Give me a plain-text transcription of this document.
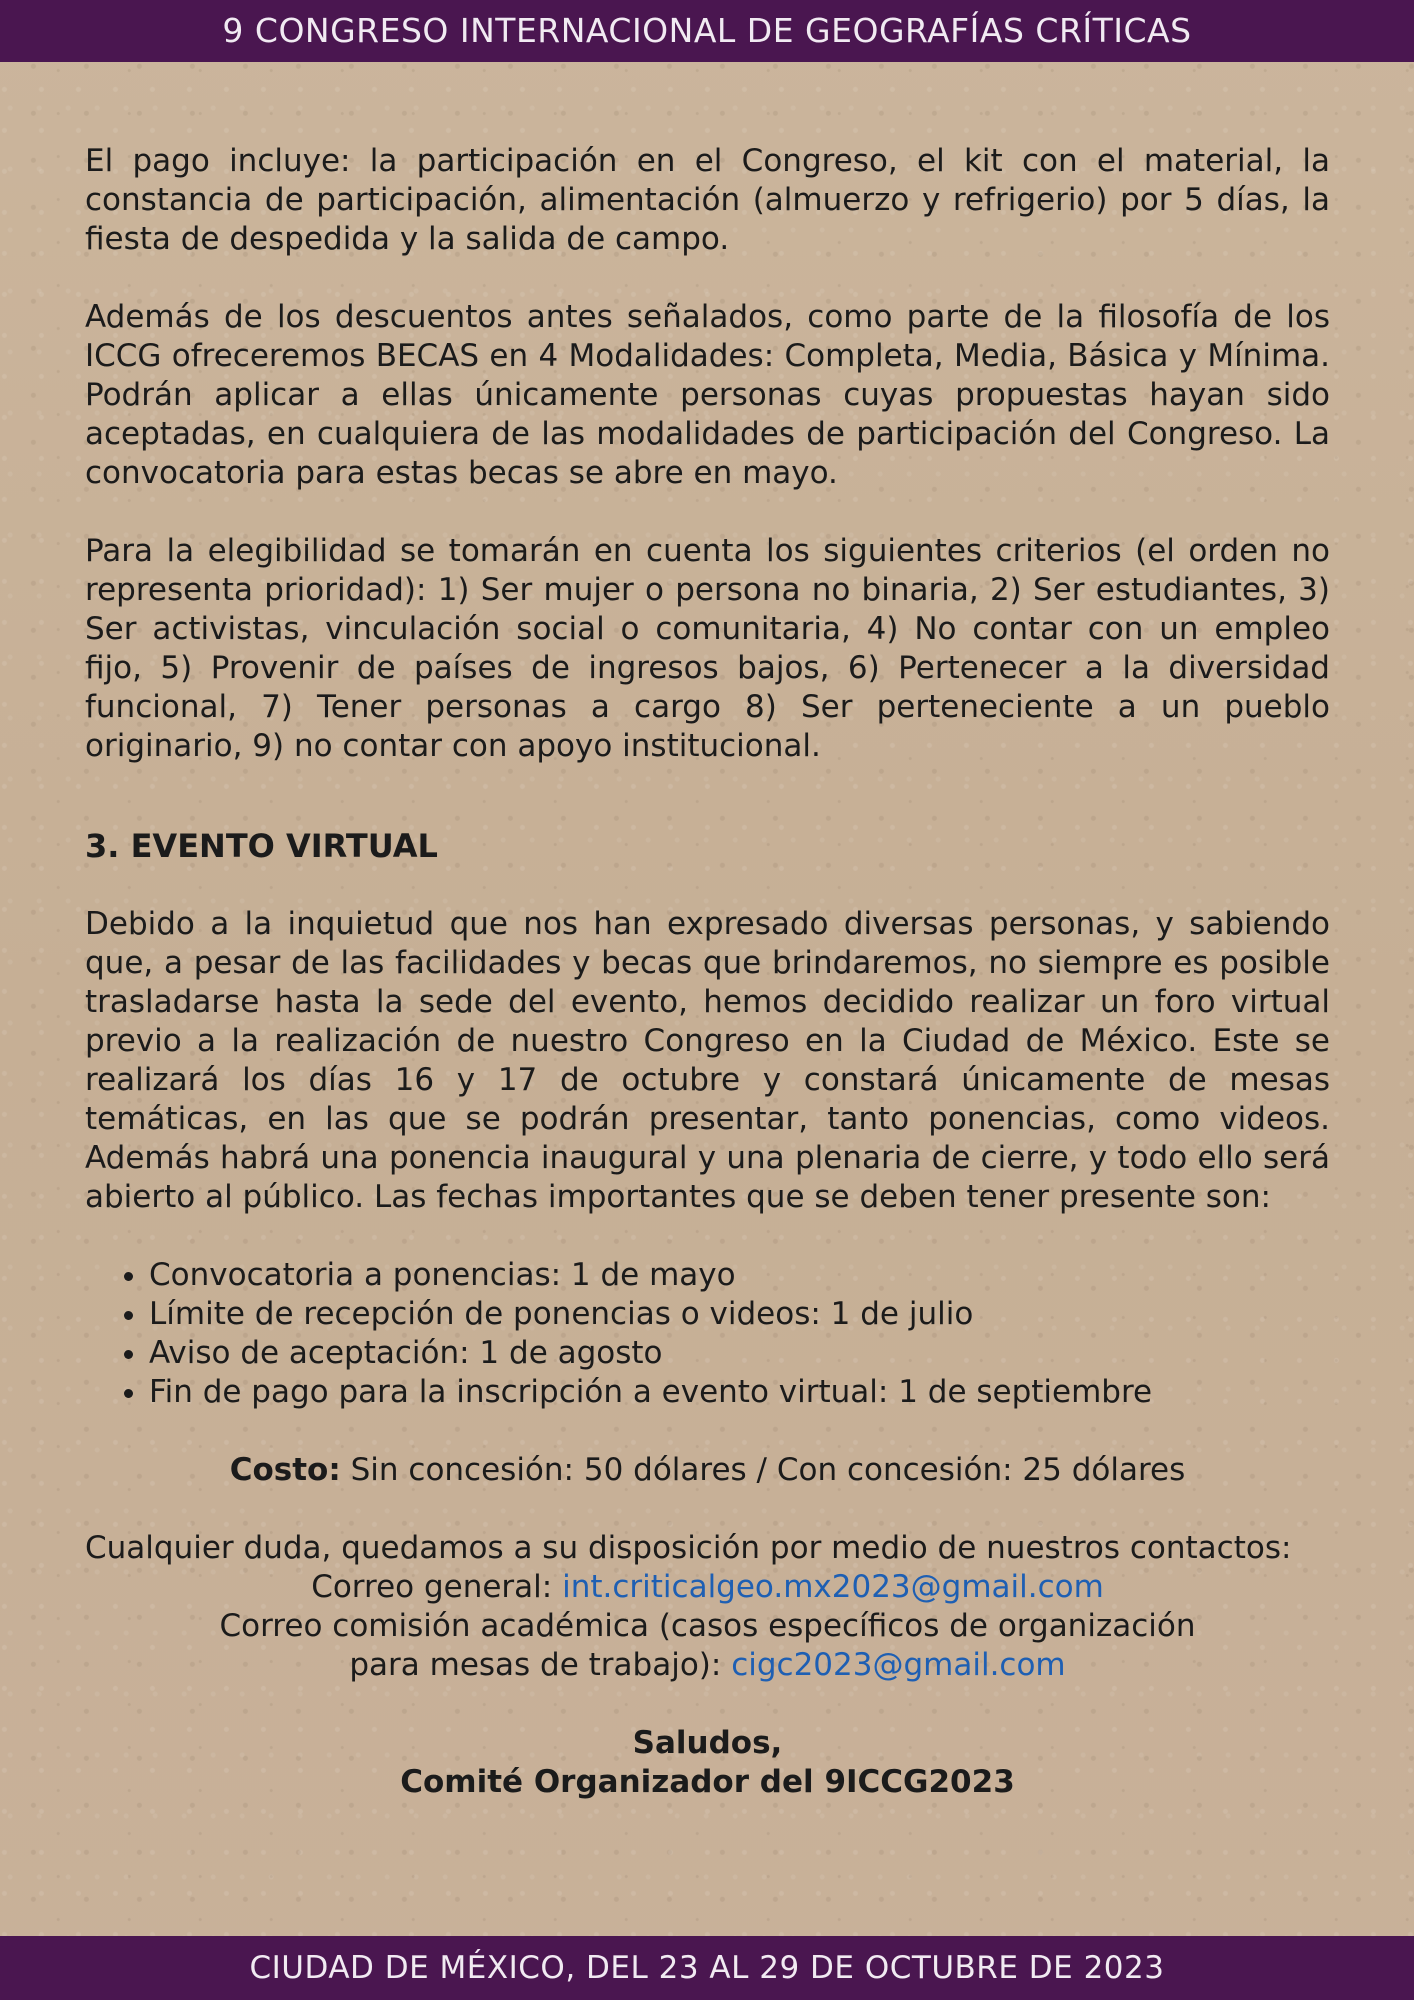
9 CONGRESO INTERNACIONAL DE GEOGRAFÍAS CRÍTICAS

El pago incluye: la participación en el Congreso, el kit con el material, la constancia de participación, alimentación (almuerzo y refrigerio) por 5 días, la fiesta de despedida y la salida de campo.

Además de los descuentos antes señalados, como parte de la filosofía de los ICCG ofreceremos BECAS en 4 Modalidades: Completa, Media, Básica y Mínima. Podrán aplicar a ellas únicamente personas cuyas propuestas hayan sido aceptadas, en cualquiera de las modalidades de participación del Congreso. La convocatoria para estas becas se abre en mayo.

Para la elegibilidad se tomarán en cuenta los siguientes criterios (el orden no representa prioridad): 1) Ser mujer o persona no binaria, 2) Ser estudiantes, 3) Ser activistas, vinculación social o comunitaria, 4) No contar con un empleo fijo, 5) Provenir de países de ingresos bajos, 6) Pertenecer a la diversidad funcional, 7) Tener personas a cargo 8) Ser perteneciente a un pueblo originario, 9) no contar con apoyo institucional.

3. EVENTO VIRTUAL

Debido a la inquietud que nos han expresado diversas personas, y sabiendo que, a pesar de las facilidades y becas que brindaremos, no siempre es posible trasladarse hasta la sede del evento, hemos decidido realizar un foro virtual previo a la realización de nuestro Congreso en la Ciudad de México. Este se realizará los días 16 y 17 de octubre y constará únicamente de mesas temáticas, en las que se podrán presentar, tanto ponencias, como videos. Además habrá una ponencia inaugural y una plenaria de cierre, y todo ello será abierto al público. Las fechas importantes que se deben tener presente son:

• Convocatoria a ponencias: 1 de mayo
• Límite de recepción de ponencias o videos: 1 de julio
• Aviso de aceptación: 1 de agosto
• Fin de pago para la inscripción a evento virtual: 1 de septiembre

Costo: Sin concesión: 50 dólares / Con concesión: 25 dólares

Cualquier duda, quedamos a su disposición por medio de nuestros contactos:

Correo general: int.criticalgeo.mx2023@gmail.com

Correo comisión académica (casos específicos de organización

para mesas de trabajo): cigc2023@gmail.com

Saludos,

Comité Organizador del 9ICCG2023

CIUDAD DE MÉXICO, DEL 23 AL 29 DE OCTUBRE DE 2023
